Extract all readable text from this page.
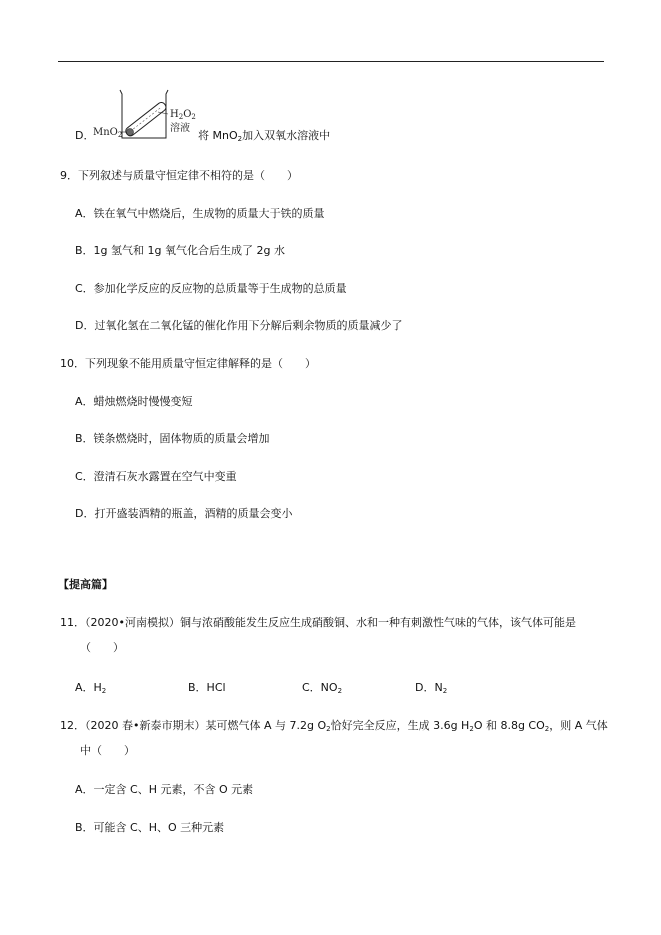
D．
MnO$_2$
$H_2O_2$
溶液
将 MnO$_2$加入双氧水溶液中
9．下列叙述与质量守恒定律不相符的是（　　）
A．铁在氧气中燃烧后，生成物的质量大于铁的质量
B．1g 氢气和 1g 氧气化合后生成了 2g 水
C．参加化学反应的反应物的总质量等于生成物的总质量
D．过氧化氢在二氧化锰的催化作用下分解后剩余物质的质量减少了
10．下列现象不能用质量守恒定律解释的是（　　）
A．蜡烛燃烧时慢慢变短
B．镁条燃烧时，固体物质的质量会增加
C．澄清石灰水露置在空气中变重
D．打开盛装酒精的瓶盖，酒精的质量会变小
【提高篇】
11．（2020•河南模拟）铜与浓硝酸能发生反应生成硝酸铜、水和一种有刺激性气味的气体，该气体可能是
（　　）
A．$H_2$	B．HCl	C．$NO_2$	D．$N_2$
12．（2020 春•新泰市期末）某可燃气体 A 与 7.2g $O_2$恰好完全反应，生成 3.6g $H_2O$ 和 8.8g $CO_2$，则 A 气体
中（　　）
A．一定含 C、H 元素，不含 O 元素
B．可能含 C、H、O 三种元素
